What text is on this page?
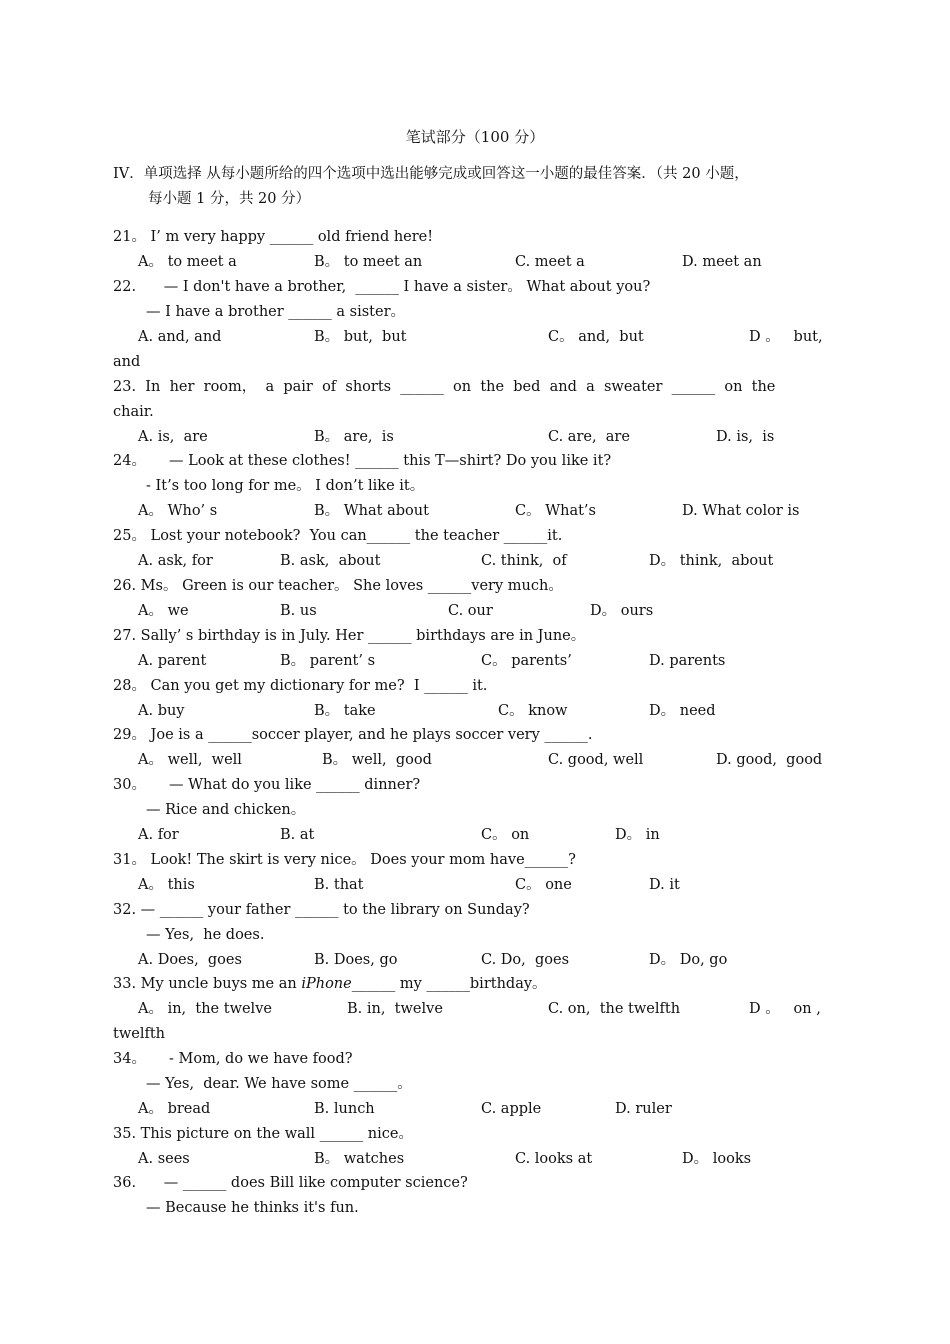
笔试部分（100 分）
IV．单项选择 从每小题所给的四个选项中选出能够完成或回答这一小题的最佳答案．（共 20 小题，
每小题 1 分，共 20 分）
21。 I’ m very happy ______ old friend here!
A。 to meet a	B。 to meet an	C. meet a	D. meet an
22.      — I don't have a brother,  ______ I have a sister。 What about you?
— I have a brother ______ a sister。
A. and, and	B。 but,  but	C。 and,  but	D 。   but,
and
23.  In  her  room，  a  pair  of  shorts  ______  on  the  bed  and  a  sweater  ______  on  the
chair.
A. is,  are	B。 are,  is	C. are,  are	D. is,  is
24。     — Look at these clothes! ______ this T—shirt? Do you like it?
- It’s too long for me。 I don’t like it。
A。 Who’ s	B。 What about	C。 What’s	D. What color is
25。 Lost your notebook?  You can______ the teacher ______it.
A. ask, for	B. ask,  about	C. think,  of	D。 think,  about
26. Ms。 Green is our teacher。 She loves ______very much。
A。 we	B. us	C. our	D。 ours
27. Sally’ s birthday is in July. Her ______ birthdays are in June。
A. parent	B。 parent’ s	C。 parents’	D. parents
28。 Can you get my dictionary for me?  I ______ it.
A. buy	B。 take	C。 know	D。 need
29。 Joe is a ______soccer player, and he plays soccer very ______.
A。 well,  well	B。 well,  good	C. good, well	D. good,  good
30。     — What do you like ______ dinner?
— Rice and chicken。
A. for	B. at	C。 on	D。 in
31。 Look! The skirt is very nice。 Does your mom have______?
A。 this	B. that	C。 one	D. it
32. — ______ your father ______ to the library on Sunday?
— Yes,  he does.
A. Does,  goes	B. Does, go	C. Do,  goes	D。 Do, go
33. My uncle buys me an iPhone______ my ______birthday。
A。 in,  the twelve	B. in,  twelve	C. on,  the twelfth	D 。   on ,
twelfth
34。     - Mom, do we have food?
— Yes,  dear. We have some ______。
A。 bread	B. lunch	C. apple	D. ruler
35. This picture on the wall ______ nice。
A. sees	B。 watches	C. looks at	D。 looks
36.      — ______ does Bill like computer science?
— Because he thinks it's fun.
